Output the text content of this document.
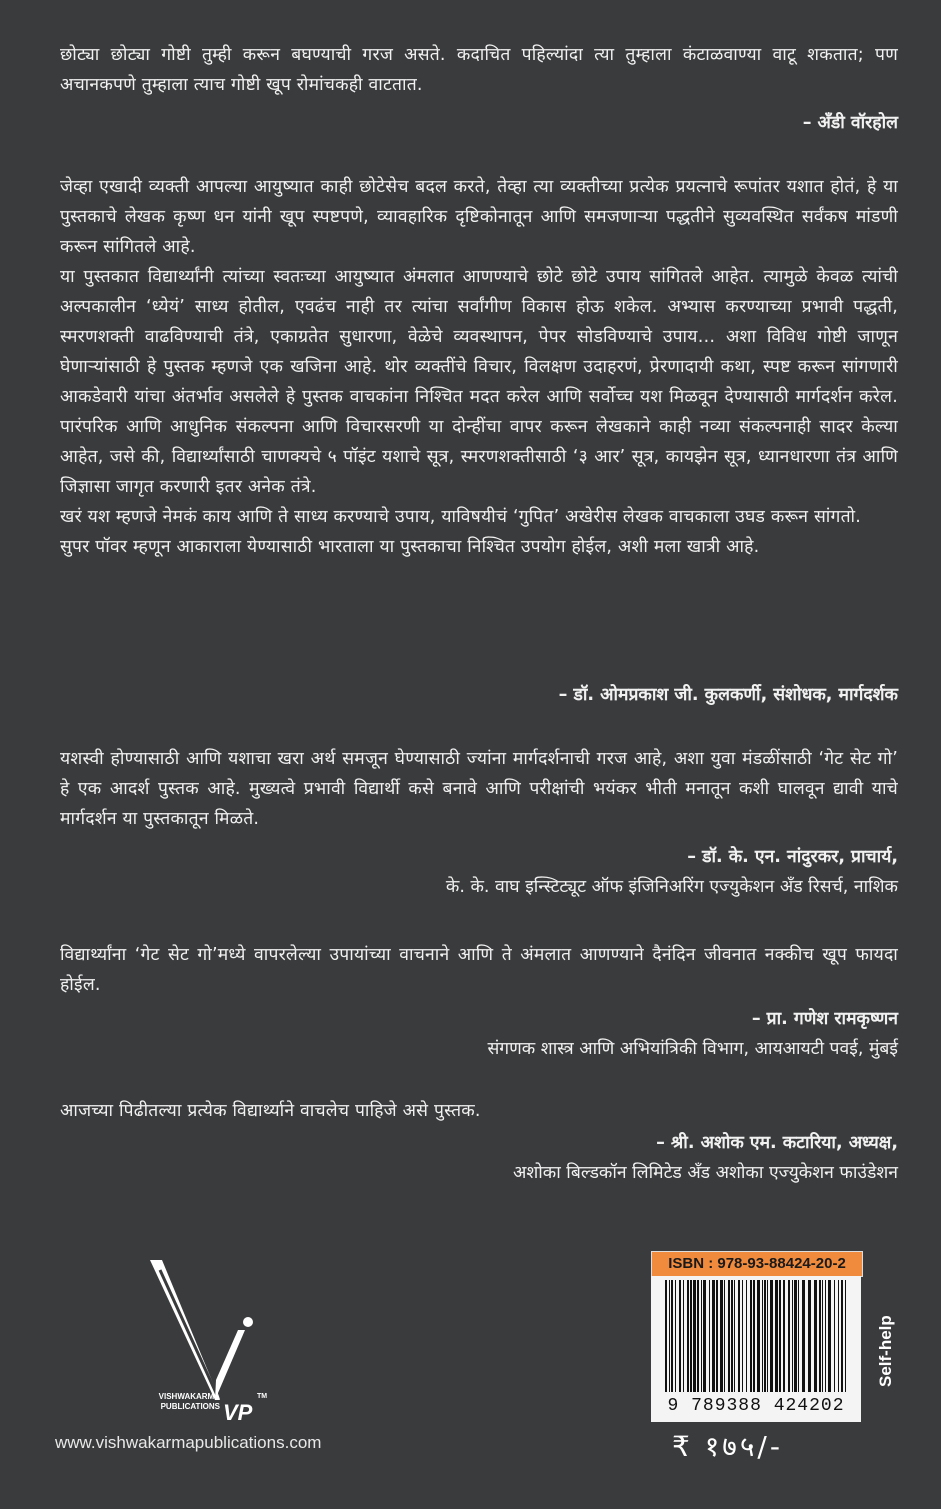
छोट्या छोट्या गोष्टी तुम्ही करून बघण्याची गरज असते. कदाचित पहिल्यांदा त्या तुम्हाला कंटाळवाण्या वाटू शकतात; पण अचानकपणे तुम्हाला त्याच गोष्टी खूप रोमांचकही वाटतात.

– अँडी वॉरहोल

जेव्हा एखादी व्यक्ती आपल्या आयुष्यात काही छोटेसेच बदल करते, तेव्हा त्या व्यक्तीच्या प्रत्येक प्रयत्नाचे रूपांतर यशात होतं, हे या पुस्तकाचे लेखक कृष्ण धन यांनी खूप स्पष्टपणे, व्यावहारिक दृष्टिकोनातून आणि समजणाऱ्या पद्धतीने सुव्यवस्थित सर्वंकष मांडणी करून सांगितले आहे.

या पुस्तकात विद्यार्थ्यांनी त्यांच्या स्वतःच्या आयुष्यात अंमलात आणण्याचे छोटे छोटे उपाय सांगितले आहेत. त्यामुळे केवळ त्यांची अल्पकालीन ‘ध्येयं’ साध्य होतील, एवढंच नाही तर त्यांचा सर्वांगीण विकास होऊ शकेल. अभ्यास करण्याच्या प्रभावी पद्धती, स्मरणशक्ती वाढविण्याची तंत्रे, एकाग्रतेत सुधारणा, वेळेचे व्यवस्थापन, पेपर सोडविण्याचे उपाय… अशा विविध गोष्टी जाणून घेणाऱ्यांसाठी हे पुस्तक म्हणजे एक खजिना आहे. थोर व्यक्तींचे विचार, विलक्षण उदाहरणं, प्रेरणादायी कथा, स्पष्ट करून सांगणारी आकडेवारी यांचा अंतर्भाव असलेले हे पुस्तक वाचकांना निश्चित मदत करेल आणि सर्वोच्च यश मिळवून देण्यासाठी मार्गदर्शन करेल. पारंपरिक आणि आधुनिक संकल्पना आणि विचारसरणी या दोन्हींचा वापर करून लेखकाने काही नव्या संकल्पनाही सादर केल्या आहेत, जसे की, विद्यार्थ्यांसाठी चाणक्यचे ५ पॉइंट यशाचे सूत्र, स्मरणशक्तीसाठी ‘३ आर’ सूत्र, कायझेन सूत्र, ध्यानधारणा तंत्र आणि जिज्ञासा जागृत करणारी इतर अनेक तंत्रे.

खरं यश म्हणजे नेमकं काय आणि ते साध्य करण्याचे उपाय, याविषयीचं ‘गुपित’ अखेरीस लेखक वाचकाला उघड करून सांगतो.

सुपर पॉवर म्हणून आकाराला येण्यासाठी भारताला या पुस्तकाचा निश्चित उपयोग होईल, अशी मला खात्री आहे.

– डॉ. ओमप्रकाश जी. कुलकर्णी, संशोधक, मार्गदर्शक

यशस्वी होण्यासाठी आणि यशाचा खरा अर्थ समजून घेण्यासाठी ज्यांना मार्गदर्शनाची गरज आहे, अशा युवा मंडळींसाठी ‘गेट सेट गो’ हे एक आदर्श पुस्तक आहे. मुख्यत्वे प्रभावी विद्यार्थी कसे बनावे आणि परीक्षांची भयंकर भीती मनातून कशी घालवून द्यावी याचे मार्गदर्शन या पुस्तकातून मिळते.

– डॉ. के. एन. नांदुरकर, प्राचार्य,
के. के. वाघ इन्स्टिट्यूट ऑफ इंजिनिअरिंग एज्युकेशन अँड रिसर्च, नाशिक

विद्यार्थ्यांना ‘गेट सेट गो’मध्ये वापरलेल्या उपायांच्या वाचनाने आणि ते अंमलात आणण्याने दैनंदिन जीवनात नक्कीच खूप फायदा होईल.

– प्रा. गणेश रामकृष्णन
संगणक शास्त्र आणि अभियांत्रिकी विभाग, आयआयटी पवई, मुंबई

आजच्या पिढीतल्या प्रत्येक विद्यार्थ्याने वाचलेच पाहिजे असे पुस्तक.

– श्री. अशोक एम. कटारिया, अध्यक्ष,
अशोका बिल्डकॉन लिमिटेड अँड अशोका एज्युकेशन फाउंडेशन
VISHWAKARMA
PUBLICATIONS VP
TM
www.vishwakarmapublications.com
ISBN : 978-93-88424-20-2
9 789388 424202
Self-help
₹ १७५/-
